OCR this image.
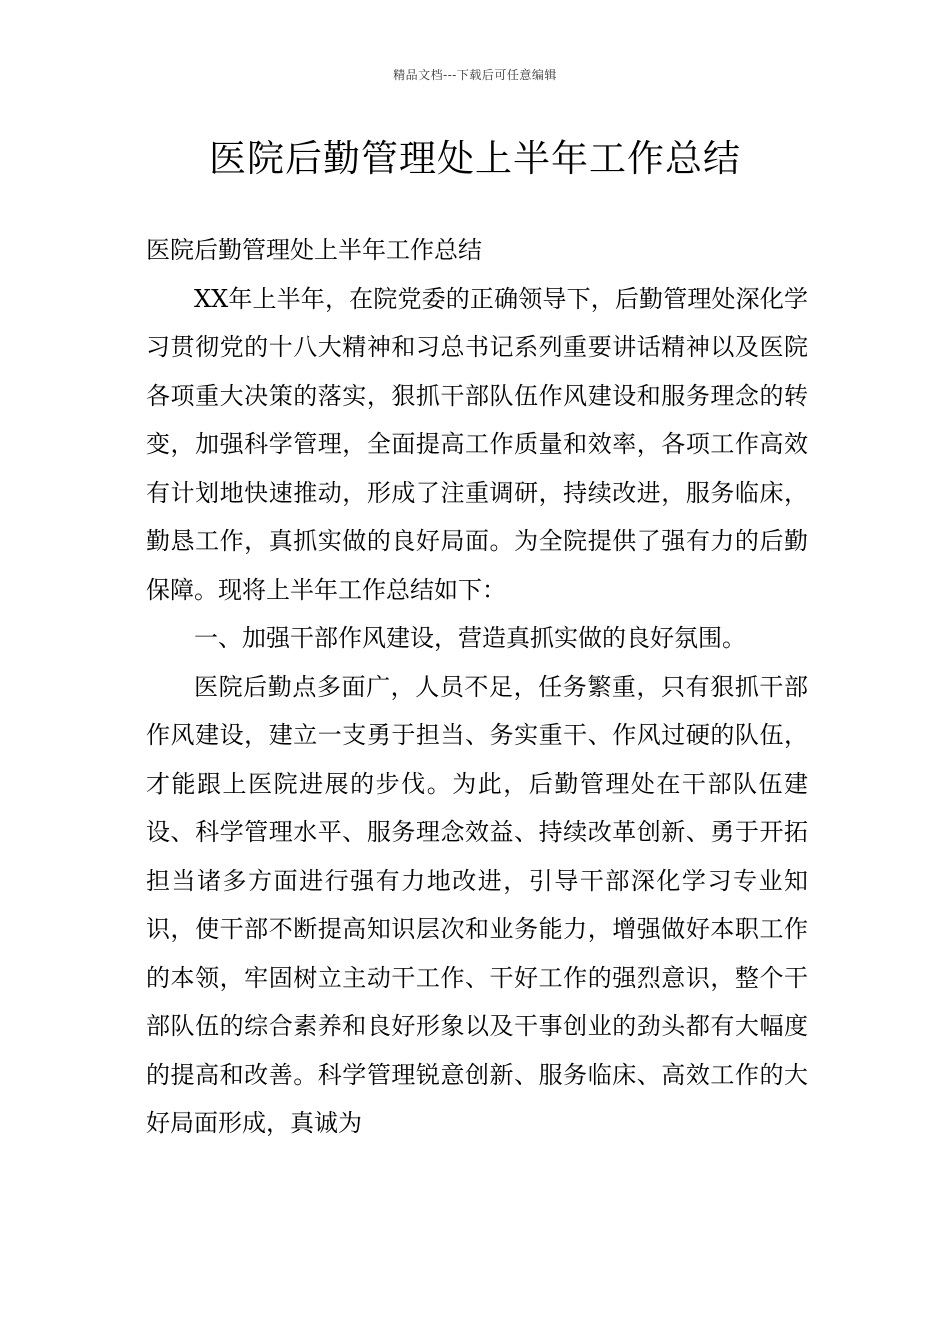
精品文档---下载后可任意编辑
医院后勤管理处上半年工作总结

医院后勤管理处上半年工作总结

XX年上半年，在院党委的正确领导下，后勤管理处深化学习贯彻党的十八大精神和习总书记系列重要讲话精神以及医院各项重大决策的落实，狠抓干部队伍作风建设和服务理念的转变，加强科学管理，全面提高工作质量和效率，各项工作高效有计划地快速推动，形成了注重调研，持续改进，服务临床，勤恳工作，真抓实做的良好局面。为全院提供了强有力的后勤保障。现将上半年工作总结如下：

一、加强干部作风建设，营造真抓实做的良好氛围。

医院后勤点多面广，人员不足，任务繁重，只有狠抓干部作风建设，建立一支勇于担当、务实重干、作风过硬的队伍，才能跟上医院进展的步伐。为此，后勤管理处在干部队伍建设、科学管理水平、服务理念效益、持续改革创新、勇于开拓担当诸多方面进行强有力地改进，引导干部深化学习专业知识，使干部不断提高知识层次和业务能力，增强做好本职工作的本领，牢固树立主动干工作、干好工作的强烈意识，整个干部队伍的综合素养和良好形象以及干事创业的劲头都有大幅度的提高和改善。科学管理锐意创新、服务临床、高效工作的大好局面形成，真诚为
